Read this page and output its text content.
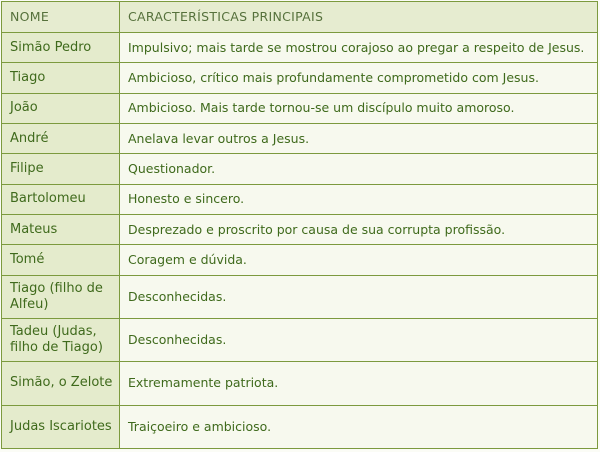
NOME	CARACTERÍSTICAS PRINCIPAIS
Simão Pedro	Impulsivo; mais tarde se mostrou corajoso ao pregar a respeito de Jesus.
Tiago	Ambicioso, crítico mais profundamente comprometido com Jesus.
João	Ambicioso. Mais tarde tornou-se um discípulo muito amoroso.
André	Anelava levar outros a Jesus.
Filipe	Questionador.
Bartolomeu	Honesto e sincero.
Mateus	Desprezado e proscrito por causa de sua corrupta profissão.
Tomé	Coragem e dúvida.
Tiago (filho de Alfeu)	Desconhecidas.
Tadeu (Judas, filho de Tiago)	Desconhecidas.
Simão, o Zelote	Extremamente patriota.
Judas Iscariotes	Traiçoeiro e ambicioso.
